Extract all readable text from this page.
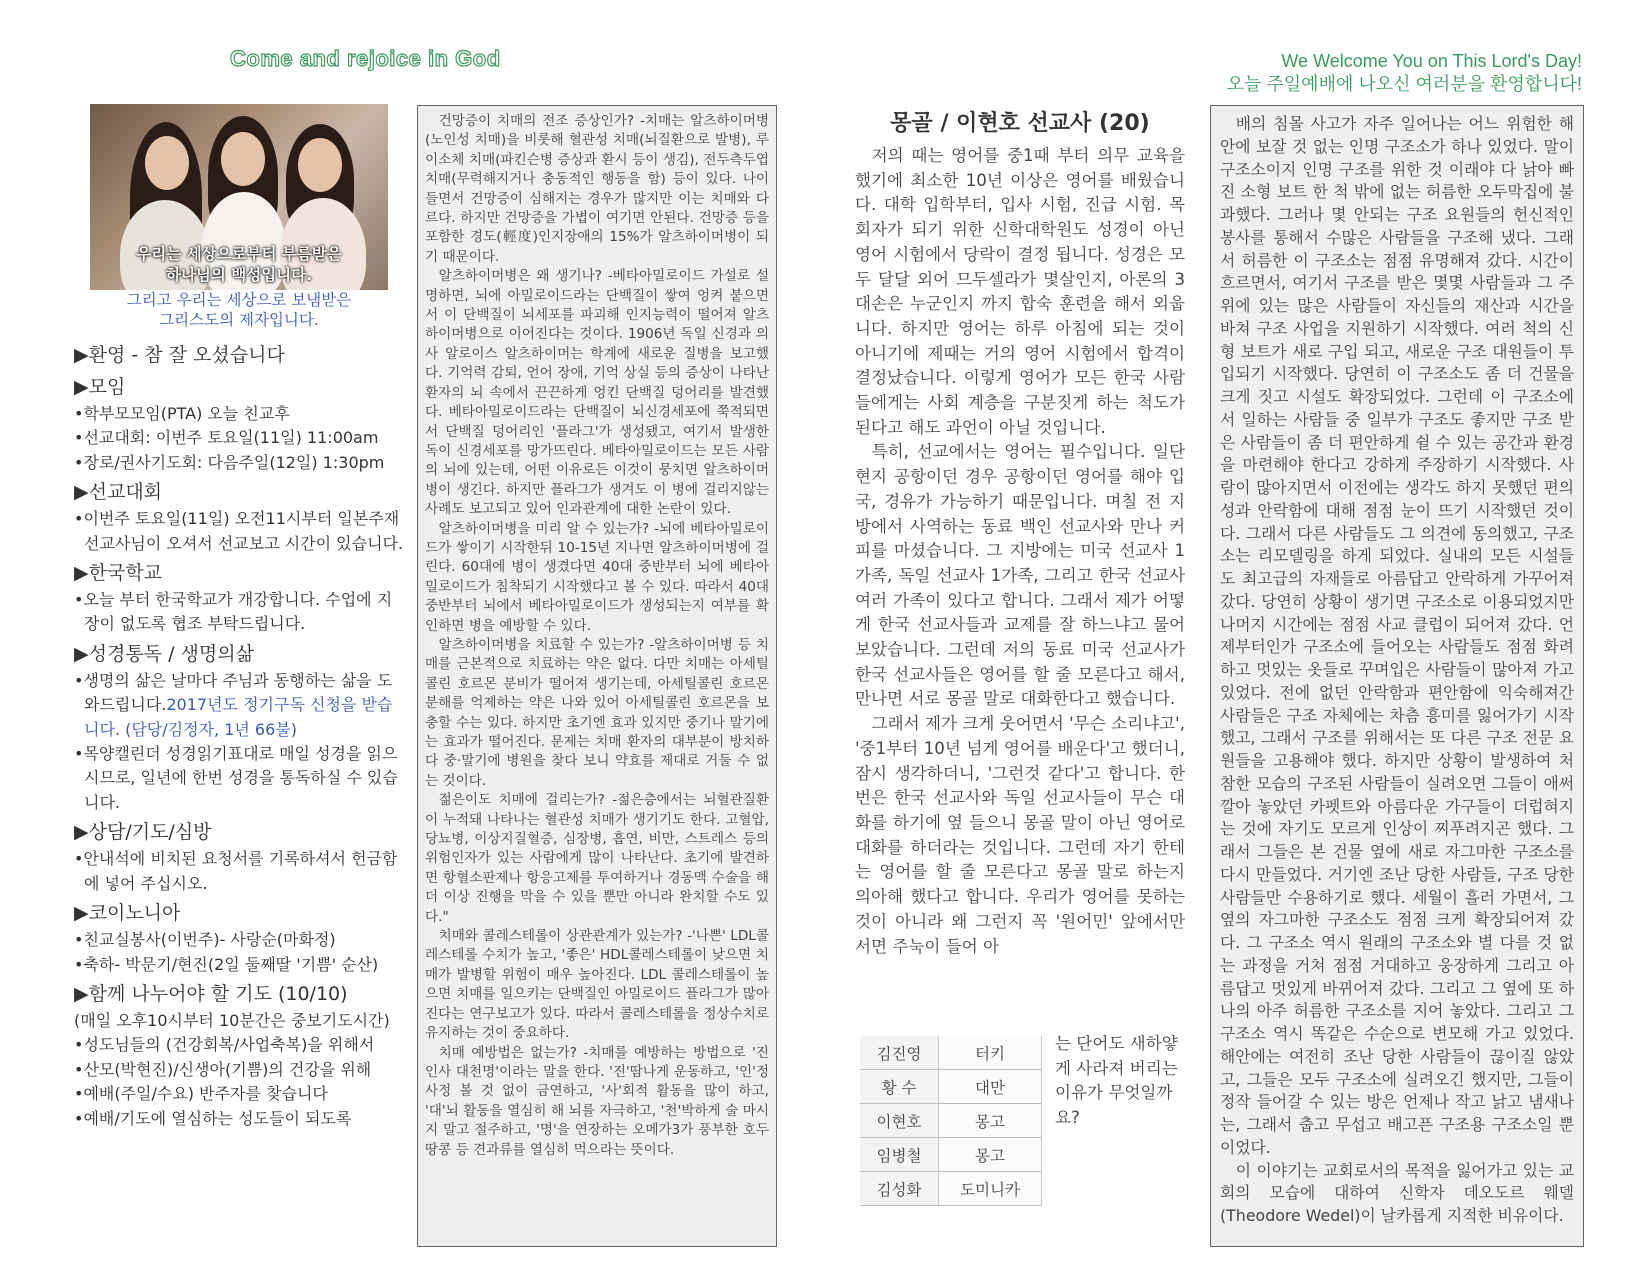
Come and rejoice in God	We Welcome You on This Lord's Day!
오늘 주일예배에 나오신 여러분을 환영합니다!
우리는 세상으로부터 부름받은
하나님의 백성입니다.
그리고 우리는 세상으로 보냄받은
그리스도의 제자입니다.
▶환영 - 참 잘 오셨습니다
▶모임
•학부모모임(PTA) 오늘 친교후
•선교대회: 이번주 토요일(11일) 11:00am
•장로/권사기도회: 다음주일(12일) 1:30pm
▶선교대회
•이번주 토요일(11일) 오전11시부터 일본주재 선교사님이 오셔서 선교보고 시간이 있습니다.
▶한국학교
•오늘 부터 한국학교가 개강합니다. 수업에 지장이 없도록 협조 부탁드립니다.
▶성경통독 / 생명의삶
•생명의 삶은 날마다 주님과 동행하는 삶을 도와드립니다.2017년도 정기구독 신청을 받습니다. (담당/김정자, 1년 66불)
•목양캘린더 성경읽기표대로 매일 성경을 읽으시므로, 일년에 한번 성경을 통독하실 수 있습니다.
▶상담/기도/심방
•안내석에 비치된 요청서를 기록하셔서 헌금함에 넣어 주십시오.
▶코이노니아
•친교실봉사(이번주)- 사랑순(마화정)
•축하- 박문기/현진(2일 둘째딸 '기쁨' 순산)
▶함께 나누어야 할 기도 (10/10)
(매일 오후10시부터 10분간은 중보기도시간)
•성도님들의 (건강회복/사업축복)을 위해서
•산모(박현진)/신생아(기쁨)의 건강을 위해
•예배(주일/수요) 반주자를 찾습니다
•예배/기도에 열심하는 성도들이 되도록

건망증이 치매의 전조 증상인가? -치매는 알츠하이머병(노인성 치매)을 비롯해 혈관성 치매(뇌질환으로 발병), 루이소체 치매(파킨슨병 증상과 환시 등이 생김), 전두측두엽 치매(무력해지거나 충동적인 행동을 함) 등이 있다. 나이 들면서 건망증이 심해지는 경우가 많지만 이는 치매와 다르다. 하지만 건망증을 가볍이 여기면 안된다. 건망증 등을 포함한 경도(輕度)인지장애의 15%가 알츠하이머병이 되기 때문이다.

알츠하이머병은 왜 생기나? -베타아밀로이드 가설로 설명하면, 뇌에 아밀로이드라는 단백질이 쌓여 엉켜 붙으면서 이 단백질이 뇌세포를 파괴해 인지능력이 떨어져 알츠하이머병으로 이어진다는 것이다. 1906년 독일 신경과 의사 알로이스 알츠하이머는 학계에 새로운 질병을 보고했다. 기억력 감퇴, 언어 장애, 기억 상실 등의 증상이 나타난 환자의 뇌 속에서 끈끈하게 엉킨 단백질 덩어리를 발견했다. 베타아밀로이드라는 단백질이 뇌신경세포에 쭉적되면서 단백질 덩어리인 '플라그'가 생성됐고, 여기서 발생한 독이 신경세포를 망가뜨린다. 베타아밀로이드는 모든 사람의 뇌에 있는데, 어떤 이유로든 이것이 뭉치면 알츠하이머병이 생긴다. 하지만 플라그가 생겨도 이 병에 걸리지않는 사례도 보고되고 있어 인과관계에 대한 논란이 있다.

알츠하이머병을 미리 알 수 있는가? -뇌에 베타아밀로이드가 쌓이기 시작한뒤 10-15년 지나면 알츠하이머병에 걸린다. 60대에 병이 생겼다면 40대 중반부터 뇌에 베타아밀로이드가 침착되기 시작했다고 볼 수 있다. 따라서 40대 중반부터 뇌에서 베타아밀로이드가 생성되는지 여부를 확인하면 병을 예방할 수 있다.

알츠하이머병을 치료할 수 있는가? -알츠하이머병 등 치매를 근본적으로 치료하는 약은 없다. 다만 치매는 아세틸콜린 호르몬 분비가 떨어져 생기는데, 아세틸콜린 호르몬 분해를 억제하는 약은 나와 있어 아세틸콜린 호르몬을 보충할 수는 있다. 하지만 초기엔 효과 있지만 중기나 말기에는 효과가 떨어진다. 문제는 치매 환자의 대부분이 방치하다 중·말기에 병원을 찾다 보니 약효를 제대로 거둘 수 없는 것이다.

젊은이도 치매에 걸리는가? -젊은층에서는 뇌혈관질환이 누적돼 나타나는 혈관성 치매가 생기기도 한다. 고혈압, 당뇨병, 이상지질혈증, 심장병, 흡연, 비만, 스트레스 등의 위험인자가 있는 사람에게 많이 나타난다. 초기에 발견하면 항혈소판제나 항응고제를 투여하거나 경동맥 수술을 해 더 이상 진행을 막을 수 있을 뿐만 아니라 완치할 수도 있다."

치매와 콜레스테롤이 상관관계가 있는가? -'나쁜' LDL콜레스테롤 수치가 높고, '좋은' HDL콜레스테롤이 낮으면 치매가 발병할 위험이 매우 높아진다. LDL 콜레스테롤이 높으면 치매를 일으키는 단백질인 아밀로이드 플라그가 많아진다는 연구보고가 있다. 따라서 콜레스테롤을 정상수치로 유지하는 것이 중요하다.

치매 예방법은 없는가? -치매를 예방하는 방법으로 '진인사 대천명'이라는 말을 한다. '진'땀나게 운동하고, '인'정사정 볼 것 없이 금연하고, '사'회적 활동을 많이 하고, '대'뇌 활동을 열심히 해 뇌를 자극하고, '천'박하게 술 마시지 말고 절주하고, '명'을 연장하는 오메가3가 풍부한 호두 땅콩 등 견과류를 열심히 먹으라는 뜻이다.

몽골 / 이현호 선교사 (20)

저의 때는 영어를 중1때 부터 의무 교육을 했기에 최소한 10년 이상은 영어를 배웠습니다. 대학 입학부터, 입사 시험, 진급 시험. 목회자가 되기 위한 신학대학원도 성경이 아닌 영어 시험에서 당락이 결정 됩니다. 성경은 모두 달달 외어 므두셀라가 몇살인지, 아론의 3대손은 누군인지 까지 합숙 훈련을 해서 외웁니다. 하지만 영어는 하루 아침에 되는 것이 아니기에 제때는 거의 영어 시험에서 합격이 결정났습니다. 이렇게 영어가 모든 한국 사람들에게는 사회 계층을 구분짓게 하는 척도가 된다고 해도 과언이 아닐 것입니다.

특히, 선교에서는 영어는 필수입니다. 일단 현지 공항이던 경우 공항이던 영어를 해야 입국, 경유가 가능하기 때문입니다. 며칠 전 지방에서 사역하는 동료 백인 선교사와 만나 커피를 마셨습니다. 그 지방에는 미국 선교사 1가족, 독일 선교사 1가족, 그리고 한국 선교사 여러 가족이 있다고 합니다. 그래서 제가 어떻게 한국 선교사들과 교제를 잘 하느냐고 물어 보았습니다. 그런데 저의 동료 미국 선교사가 한국 선교사들은 영어를 할 줄 모른다고 해서, 만나면 서로 몽골 말로 대화한다고 했습니다.

그래서 제가 크게 웃어면서 '무슨 소리냐고', '중1부터 10년 넘게 영어를 배운다'고 했더니, 잠시 생각하더니, '그런것 같다'고 합니다. 한번은 한국 선교사와 독일 선교사들이 무슨 대화를 하기에 옆 들으니 몽골 말이 아닌 영어로 대화를 하더라는 것입니다. 그런데 자기 한테는 영어를 할 줄 모른다고 몽골 말로 하는지 의아해 했다고 합니다. 우리가 영어를 못하는 것이 아니라 왜 그런지 꼭 '원어민' 앞에서만 서면 주눅이 들어 아

김진영	터키
황 수	대만
이현호	몽고
임병철	몽고
김성화	도미니카
는 단어도 새하얗게 사라져 버리는 이유가 무엇일까요?

배의 침몰 사고가 자주 일어나는 어느 위험한 해안에 보잘 것 없는 인명 구조소가 하나 있었다. 말이 구조소이지 인명 구조를 위한 것 이래야 다 낡아 빠진 소형 보트 한 척 밖에 없는 허름한 오두막집에 불과했다. 그러나 몇 안되는 구조 요원들의 헌신적인 봉사를 통해서 수많은 사람들을 구조해 냈다. 그래서 허름한 이 구조소는 점점 유명해져 갔다. 시간이 흐르면서, 여기서 구조를 받은 몇몇 사람들과 그 주위에 있는 많은 사람들이 자신들의 재산과 시간을 바쳐 구조 사업을 지원하기 시작했다. 여러 척의 신형 보트가 새로 구입 되고, 새로운 구조 대원들이 투입되기 시작했다. 당연히 이 구조소도 좀 더 건물을 크게 짓고 시설도 확장되었다. 그런데 이 구조소에서 일하는 사람들 중 일부가 구조도 좋지만 구조 받은 사람들이 좀 더 편안하게 쉴 수 있는 공간과 환경을 마련해야 한다고 강하게 주장하기 시작했다. 사람이 많아지면서 이전에는 생각도 하지 못했던 편의성과 안락함에 대해 점점 눈이 뜨기 시작했던 것이다. 그래서 다른 사람들도 그 의견에 동의했고, 구조소는 리모델링을 하게 되었다. 실내의 모든 시설들도 최고급의 자재들로 아름답고 안락하게 가꾸어져 갔다. 당연히 상황이 생기면 구조소로 이용되었지만 나머지 시간에는 점점 사교 클럽이 되어져 갔다. 언제부터인가 구조소에 들어오는 사람들도 점점 화려하고 멋있는 옷들로 꾸며입은 사람들이 많아져 가고 있었다. 전에 없던 안락함과 편안함에 익숙해져간 사람들은 구조 자체에는 차츰 흥미를 잃어가기 시작했고, 그래서 구조를 위해서는 또 다른 구조 전문 요원들을 고용해야 했다. 하지만 상황이 발생하여 처참한 모습의 구조된 사람들이 실려오면 그들이 애써 깔아 놓았던 카펫트와 아름다운 가구들이 더럽혀지는 것에 자기도 모르게 인상이 찌푸려지곤 했다. 그래서 그들은 본 건물 옆에 새로 자그마한 구조소를 다시 만들었다. 거기엔 조난 당한 사람들, 구조 당한 사람들만 수용하기로 했다. 세월이 흘러 가면서, 그 옆의 자그마한 구조소도 점점 크게 확장되어져 갔다. 그 구조소 역시 원래의 구조소와 별 다를 것 없는 과정을 거쳐 점점 거대하고 웅장하게 그리고 아름답고 멋있게 바뀌어져 갔다. 그리고 그 옆에 또 하나의 아주 허름한 구조소를 지어 놓았다. 그리고 그 구조소 역시 똑같은 수순으로 변모해 가고 있었다. 해안에는 여전히 조난 당한 사람들이 끊이질 않았고, 그들은 모두 구조소에 실려오긴 했지만, 그들이 정작 들어갈 수 있는 방은 언제나 작고 낡고 냄새나는, 그래서 춥고 무섭고 배고픈 구조용 구조소일 뿐이었다.

이 이야기는 교회로서의 목적을 잃어가고 있는 교회의 모습에 대하여 신학자 데오도르 웨델(Theodore Wedel)이 날카롭게 지적한 비유이다.
